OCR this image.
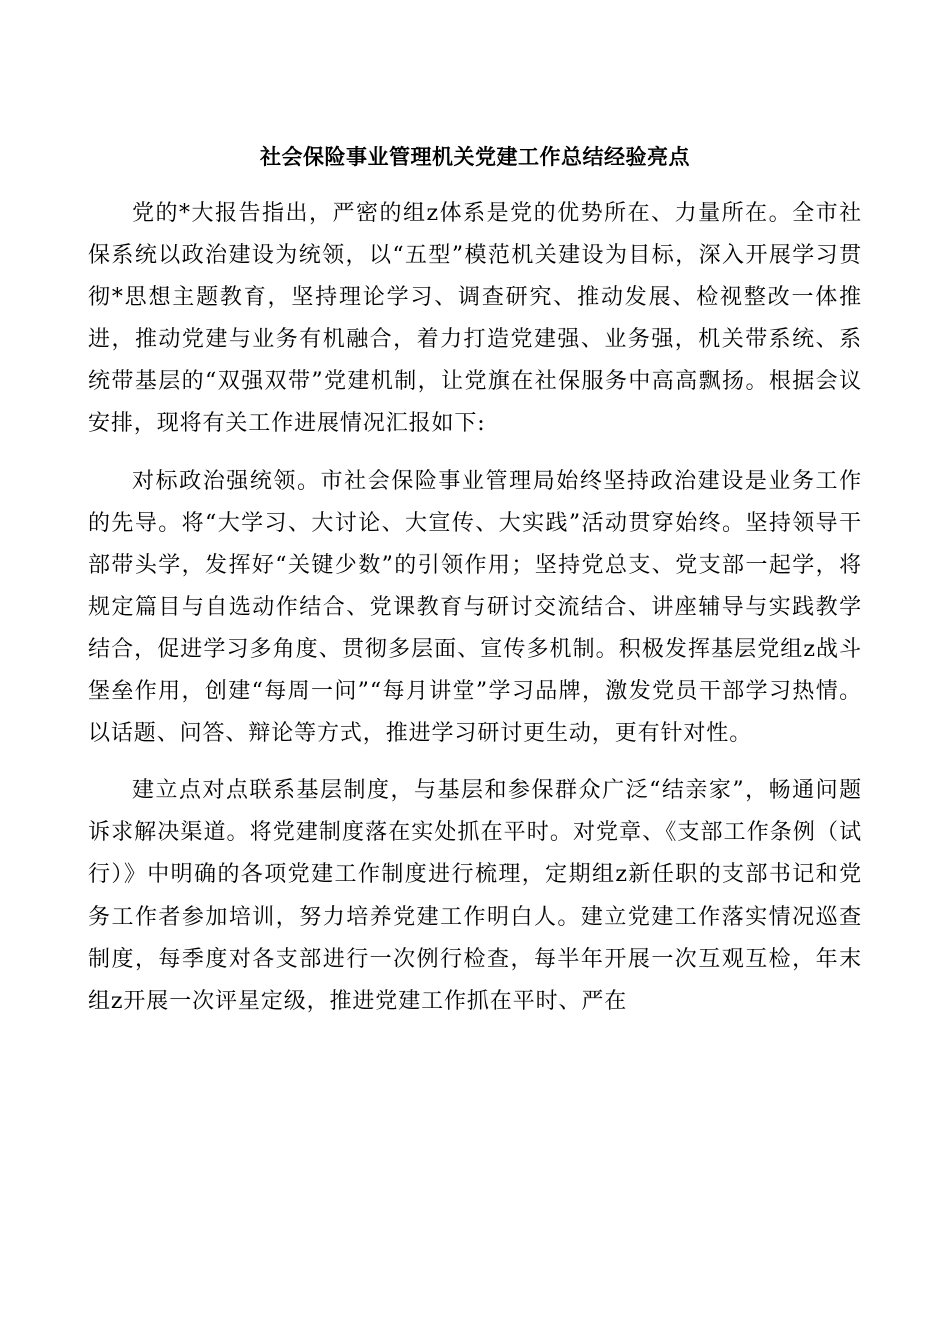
社会保险事业管理机关党建工作总结经验亮点

党的*大报告指出，严密的组z体系是党的优势所在、力量所在。全市社保系统以政治建设为统领，以“五型”模范机关建设为目标，深入开展学习贯彻*思想主题教育，坚持理论学习、调查研究、推动发展、检视整改一体推进，推动党建与业务有机融合，着力打造党建强、业务强，机关带系统、系统带基层的“双强双带”党建机制，让党旗在社保服务中高高飘扬。根据会议安排，现将有关工作进展情况汇报如下:

对标政治强统领。市社会保险事业管理局始终坚持政治建设是业务工作的先导。将“大学习、大讨论、大宣传、大实践”活动贯穿始终。坚持领导干部带头学，发挥好“关键少数”的引领作用；坚持党总支、党支部一起学，将规定篇目与自选动作结合、党课教育与研讨交流结合、讲座辅导与实践教学结合，促进学习多角度、贯彻多层面、宣传多机制。积极发挥基层党组z战斗堡垒作用，创建“每周一问”“每月讲堂”学习品牌，激发党员干部学习热情。以话题、问答、辩论等方式，推进学习研讨更生动，更有针对性。

建立点对点联系基层制度，与基层和参保群众广泛“结亲家”，畅通问题诉求解决渠道。将党建制度落在实处抓在平时。对党章、《支部工作条例（试行）》中明确的各项党建工作制度进行梳理，定期组z新任职的支部书记和党务工作者参加培训，努力培养党建工作明白人。建立党建工作落实情况巡查制度，每季度对各支部进行一次例行检查，每半年开展一次互观互检，年末组z开展一次评星定级，推进党建工作抓在平时、严在
